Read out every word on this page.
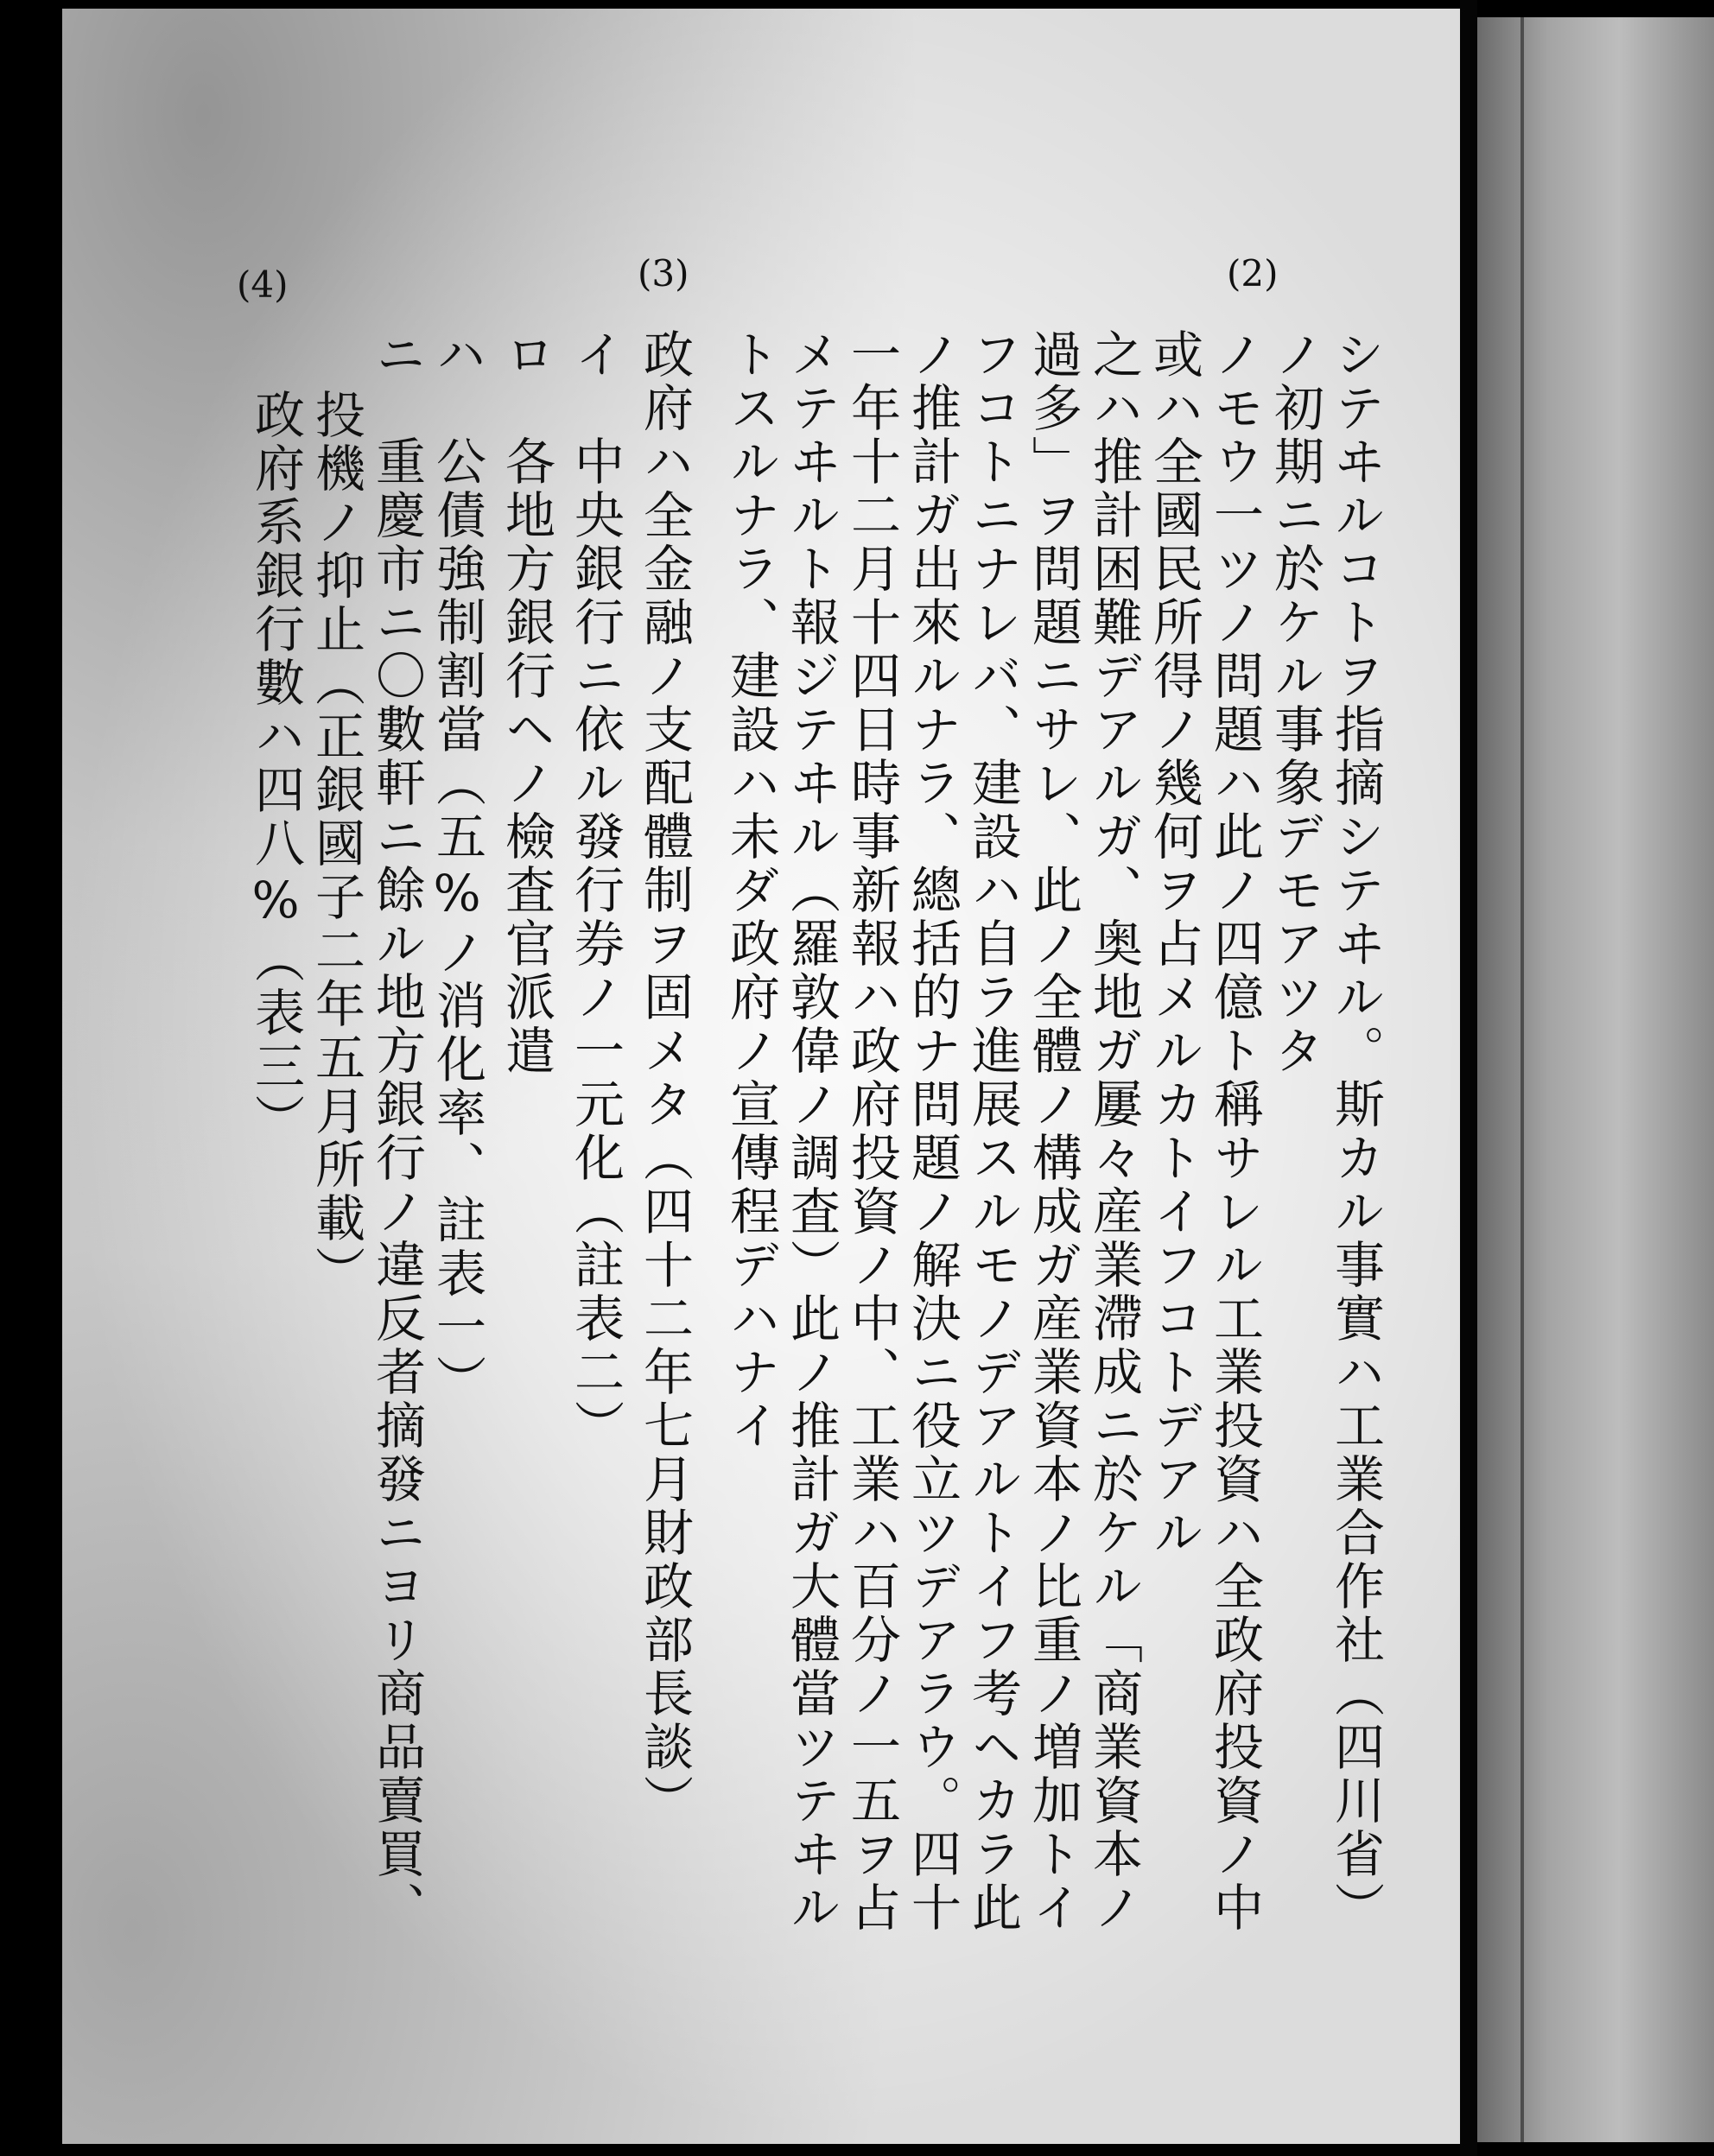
(2)
(3)
(4)
シテヰルコトヲ指摘シテヰル。斯カル事實ハ工業合作社（四川省）
ノ初期ニ於ケル事象デモアツタ
ノモウ一ツノ問題ハ此ノ四億ト稱サレル工業投資ハ全政府投資ノ中
或ハ全國民所得ノ幾何ヲ占メルカトイフコトデアル
之ハ推計困難デアルガ、奥地ガ屢々産業滯成ニ於ケル「商業資本ノ
過多」ヲ問題ニサレ、此ノ全體ノ構成ガ産業資本ノ比重ノ増加トイ
フコトニナレバ、建設ハ自ラ進展スルモノデアルトイフ考ヘカラ此
ノ推計ガ出來ルナラ、總括的ナ問題ノ解決ニ役立ツデアラウ。四十
一年十二月十四日時事新報ハ政府投資ノ中、工業ハ百分ノ一五ヲ占
メテヰルト報ジテヰル（羅敦偉ノ調査）此ノ推計ガ大體當ツテヰル
トスルナラ、建設ハ未ダ政府ノ宣傳程デハナイ
政府ハ全金融ノ支配體制ヲ固メタ（四十二年七月財政部長談）
イ　中央銀行ニ依ル發行券ノ一元化（註表二）
ロ　各地方銀行ヘノ檢査官派遣
ハ　公債強制割當（五%ノ消化率、註表一）
ニ　重慶市ニ〇數軒ニ餘ル地方銀行ノ違反者摘發ニヨリ商品賣買、
投機ノ抑止（正銀國子二年五月所載）
政府系銀行數ハ四八%（表三）
